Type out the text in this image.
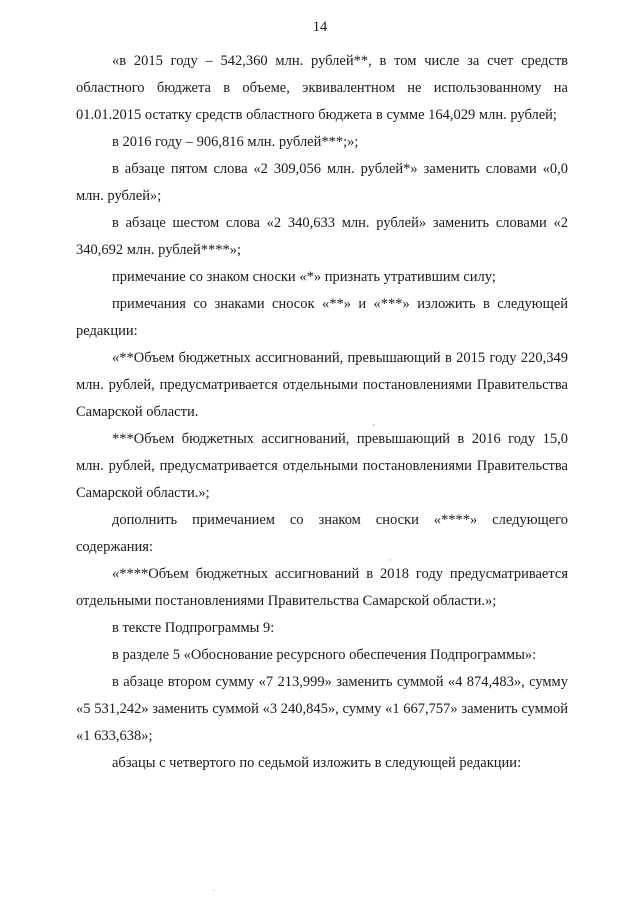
14

«в 2015 году – 542,360 млн. рублей**, в том числе за счет средств областного бюджета в объеме, эквивалентном не использованному на 01.01.2015 остатку средств областного бюджета в сумме 164,029 млн. рублей;

в 2016 году – 906,816 млн. рублей***;»;

в абзаце пятом слова «2 309,056 млн. рублей*» заменить словами «0,0 млн. рублей»;

в абзаце шестом слова «2 340,633 млн. рублей» заменить словами «2 340,692 млн. рублей****»;

примечание со знаком сноски «*» признать утратившим силу;

примечания со знаками сносок «**» и «***» изложить в следующей редакции:

«**Объем бюджетных ассигнований, превышающий в 2015 году 220,349 млн. рублей, предусматривается отдельными постановлениями Правительства Самарской области.

***Объем бюджетных ассигнований, превышающий в 2016 году 15,0 млн. рублей, предусматривается отдельными постановлениями Правительства Самарской области.»;

дополнить примечанием со знаком сноски «****» следующего содержания:

«****Объем бюджетных ассигнований в 2018 году предусматривается отдельными постановлениями Правительства Самарской области.»;

в тексте Подпрограммы 9:

в разделе 5 «Обоснование ресурсного обеспечения Подпрограммы»:

в абзаце втором сумму «7 213,999» заменить суммой «4 874,483», сумму «5 531,242» заменить суммой «3 240,845», сумму «1 667,757» заменить суммой «1 633,638»;

абзацы с четвертого по седьмой изложить в следующей редакции:
